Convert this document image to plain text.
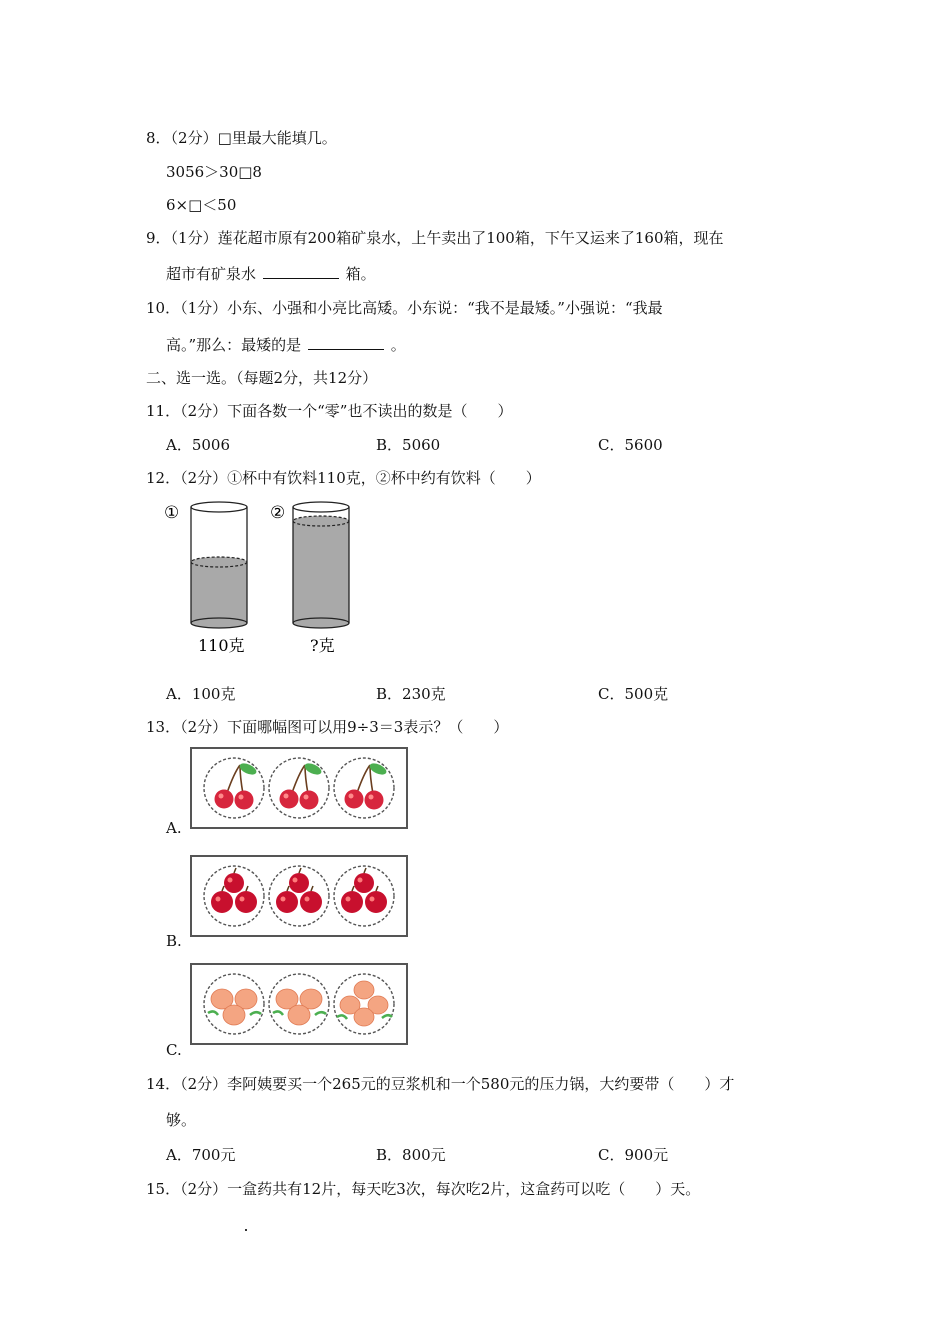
8．（2分）□里最大能填几。
3056＞30□8
6×□＜50
9．（1分）莲花超市原有200箱矿泉水，上午卖出了100箱，下午又运来了160箱，现在
超市有矿泉水	箱。
10．（1分）小东、小强和小亮比高矮。小东说：“我不是最矮。”小强说：“我最
高。”那么：最矮的是	。
二、选一选。（每题2分，共12分）
11．（2分）下面各数一个“零”也不读出的数是（　　）
A．5006	B．5060	C．5600
12．（2分）①杯中有饮料110克，②杯中约有饮料（　　）
①
110克
②
?克
A．100克	B．230克	C．500克
13．（2分）下面哪幅图可以用9÷3＝3表示？（　　）
A.
B.
C.
14．（2分）李阿姨要买一个265元的豆浆机和一个580元的压力锅，大约要带（　　）才
够。
A．700元	B．800元	C．900元
15．（2分）一盒药共有12片，每天吃3次，每次吃2片，这盒药可以吃（　　）天。
